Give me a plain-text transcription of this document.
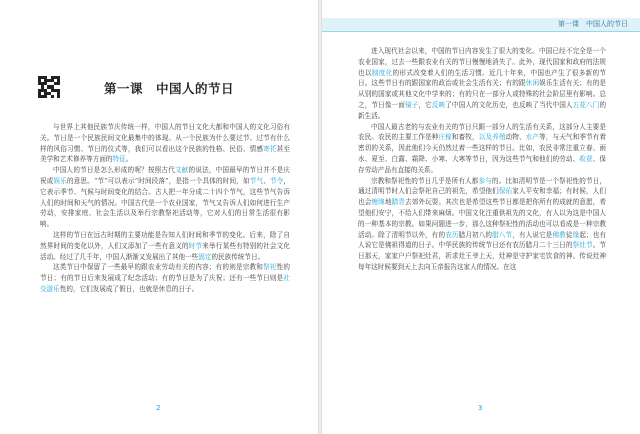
第一课　中国人的节日

与世界上其他民族节庆传统一样，中国人的节日文化大都和中国人的文化习俗有关。节日是一个民族民间文化最集中的体现。从一个民族为什么要过节、过节有什么样的风俗习惯、节日的仪式等，我们可以看出这个民族的性格、民俗、情感寄托甚至美学和艺术修养等方面的特征。

中国人的节日是怎么形成的呢？按照古代文献的说法，中国最早的节日并不是庆祝或娱乐的意思。“节”可以表示“时间段落”，是指一个具体的时间，如节气、节令，它表示季节、气候与时间变化的结合。古人把一年分成二十四个节气，这些节气告诉人们的时间和天气的情况。中国古代是一个农业国家，节气又告诉人们如何进行生产劳动，安排家庭、社会生活以及举行宗教祭祀活动等，它对人们的日常生活很有影响。

这样的节日在远古时期的主要功能是告知人们时间和季节的变化。后来，除了自然界时间的变化以外，人们又添加了一些有意义的时节来举行某些有特别的社会文化活动。经过了几千年，中国人渐渐又发展出了其他一些固定的民族传统节日。

这类节日中保留了一些最早的跟农业劳动有关的内容；有的则是宗教和祭祀性的节日；有的节日后来发展成了纪念活动；有的节日是为了庆祝；还有一些节日则是社交游乐性的，它们发展成了假日，也就是休息的日子。

2
第一课　中国人的节日

进入现代社会以来，中国的节日内容发生了很大的变化。中国已经不完全是一个农业国家，过去一些跟农业有关的节日慢慢地消失了。此外，现代国家和政府的法规也以制度化的形式改变着人们的生活习惯。近几十年来，中国也产生了很多新的节日。这些节日有的跟国家的政治或社会生活有关；有的跟休闲娱乐生活有关；有的是从别的国家或其他文化中学来的；有的只在一部分人或特殊的社会阶层里有影响。总之，节日像一面镜子，它反映了中国人的文化历史，也反映了当代中国人五花八门的新生活。

中国人最古老的与农业有关的节日只跟一部分人的生活有关系，这部分人主要是农民。农民的主要工作是种庄稼和畜牧，以及养殖动物、水产等，与天气和季节有着密切的关系，因此他们今天仍然过着一些这样的节日。比如，农民非常注重立春、雨水、夏至、白露、霜降、小寒、大寒等节日，因为这些节气和他们的劳动、收获、保存劳动产品有直接的关系。

宗教和祭祀性的节日几乎是所有人都参与的。比如清明节是一个祭祀性的节日，通过清明节时人们会祭祀自己的祖先，希望他们保佑家人平安和幸福；有时候，人们也会缠绵地踏青去郊外玩耍。其次也是希望这些节日都是把你所有的成就的意愿，希望他们安宁，不给人们带来麻烦。中国文化注重供祖先的文化，有人以为这是中国人的一种基本的宗教。如果问题进一步，那么这种祭祀性的活动也可以看成是一种宗教活动。除了清明节以外，有的农历腊月初八的腊八节，有人说它是佛教徒缘起；也有人说它是佛祖得道的日子。中华民族的传统节日还有农历腊月二十三日的祭灶节。节日那天，家家户户祭祀灶君，祈求灶王爷上天，灶神是守护家宅饮食的神。传说灶神每年这时候要到天上去向玉帝报告这家人的情况。在这

3
